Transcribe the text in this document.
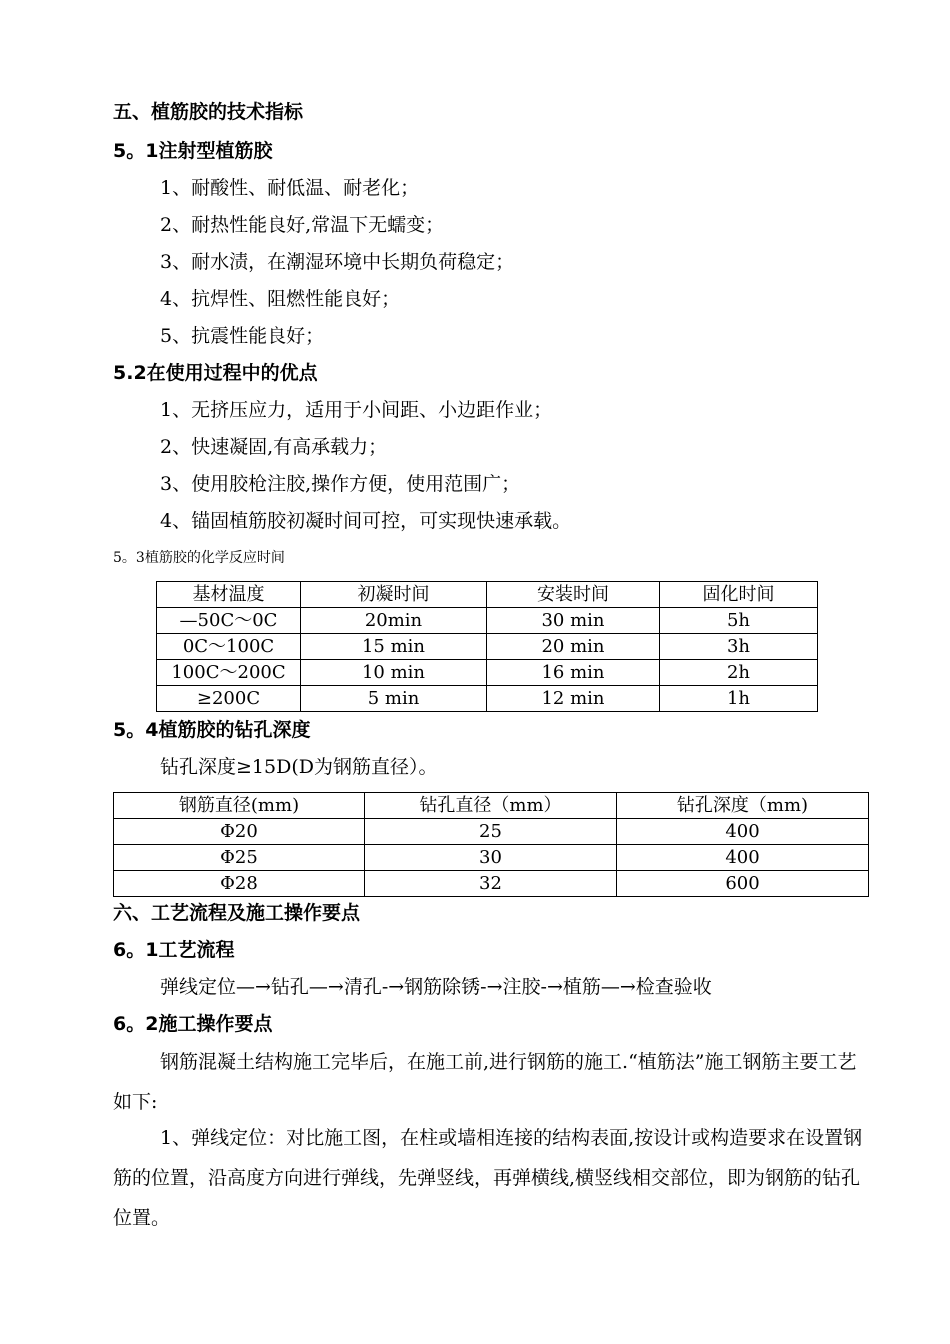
五、植筋胶的技术指标
5。1注射型植筋胶
1、耐酸性、耐低温、耐老化；
2、耐热性能良好,常温下无蠕变；
3、耐水渍，在潮湿环境中长期负荷稳定；
4、抗焊性、阻燃性能良好；
5、抗震性能良好；
5.2在使用过程中的优点
1、无挤压应力，适用于小间距、小边距作业；
2、快速凝固,有高承载力；
3、使用胶枪注胶,操作方便，使用范围广；
4、锚固植筋胶初凝时间可控，可实现快速承载。
5。3植筋胶的化学反应时间
基材温度	初凝时间	安装时间	固化时间
—50C～0C	20min	30 min	5h
0C～100C	15 min	20 min	3h
100C～200C	10 min	16 min	2h
≥200C	5 min	12 min	1h
5。4植筋胶的钻孔深度
钻孔深度≥15D(D为钢筋直径）。
钢筋直径(mm)	钻孔直径（mm）	钻孔深度（mm)
Φ20	25	400
Φ25	30	400
Φ28	32	600
六、工艺流程及施工操作要点
6。1工艺流程
弹线定位—→钻孔—→清孔-→钢筋除锈-→注胶-→植筋—→检查验收
6。2施工操作要点

钢筋混凝土结构施工完毕后，在施工前,进行钢筋的施工.“植筋法”施工钢筋主要工艺如下:

1、弹线定位：对比施工图，在柱或墙相连接的结构表面,按设计或构造要求在设置钢筋的位置，沿高度方向进行弹线，先弹竖线，再弹横线,横竖线相交部位，即为钢筋的钻孔位置。
